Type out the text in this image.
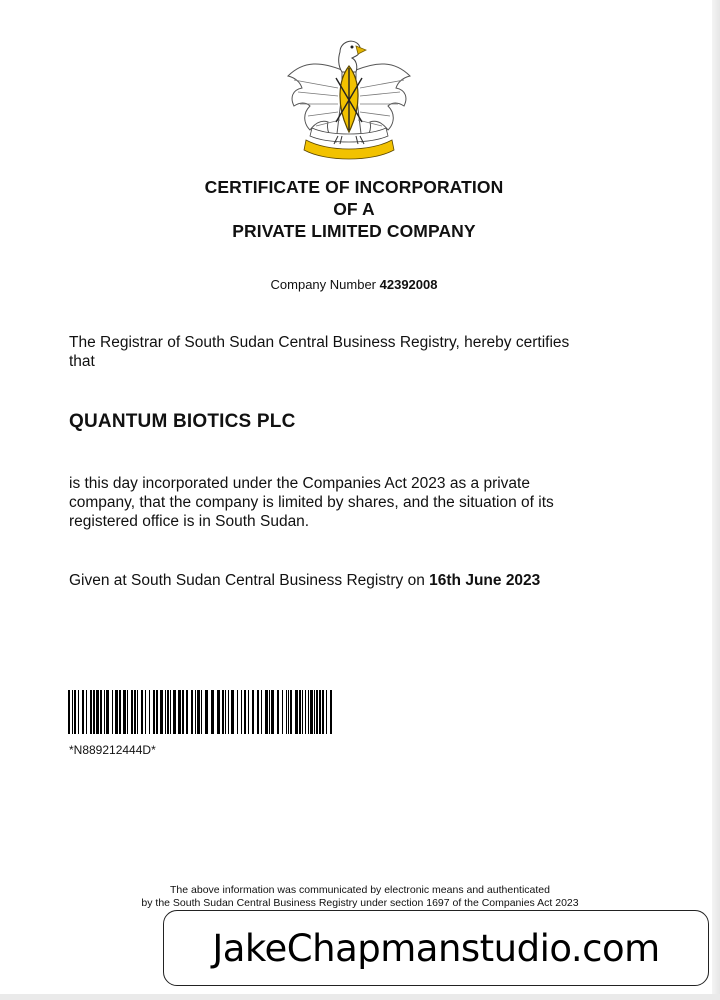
CERTIFICATE OF INCORPORATION
OF A
PRIVATE LIMITED COMPANY
Company Number 42392008
The Registrar of South Sudan Central Business Registry, hereby certifies
that
QUANTUM BIOTICS PLC
is this day incorporated under the Companies Act 2023 as a private
company, that the company is limited by shares, and the situation of its
registered office is in South Sudan.
Given at South Sudan Central Business Registry on 16th June 2023
*N889212444D*
The above information was communicated by electronic means and authenticated
by the South Sudan Central Business Registry under section 1697 of the Companies Act 2023
JakeChapmanstudio.com
